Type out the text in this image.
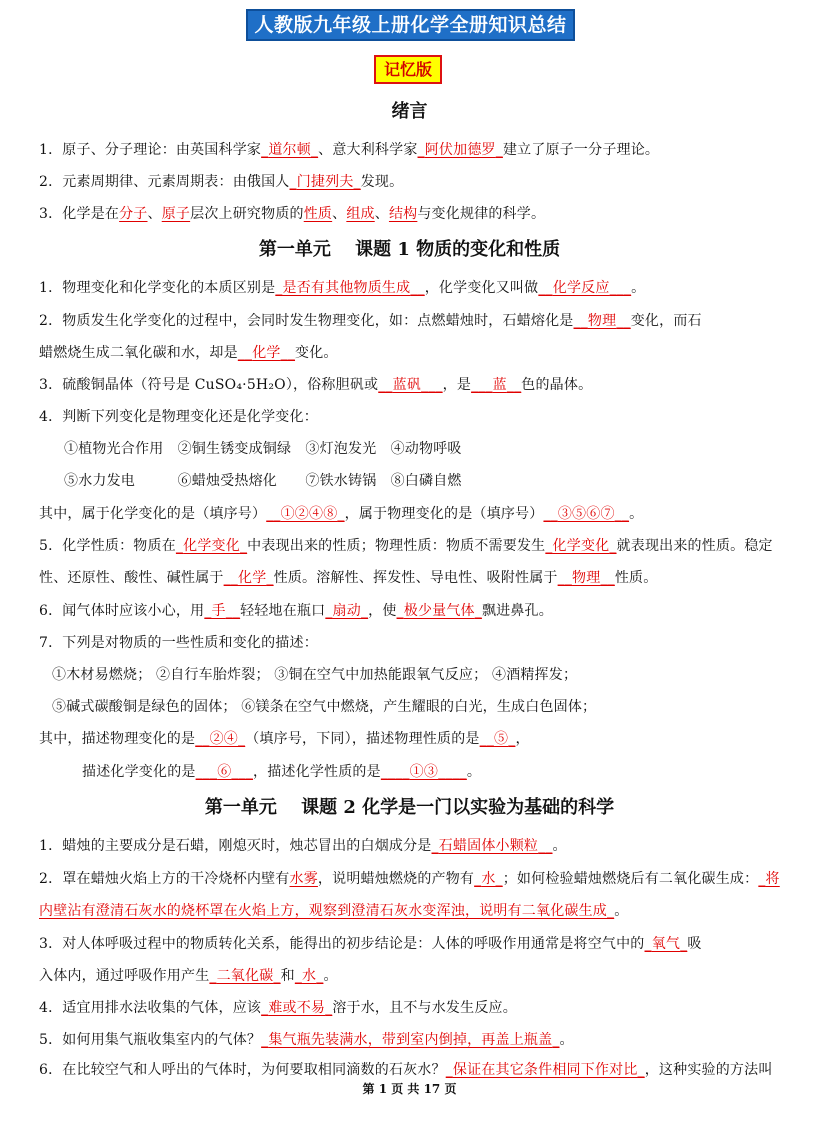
人教版九年级上册化学全册知识总结
记忆版
绪言
1．原子、分子理论：由英国科学家_道尔顿_、意大利科学家_阿伏加德罗_建立了原子一分子理论。
2．元素周期律、元素周期表：由俄国人_门捷列夫_发现。
3．化学是在分子、原子层次上研究物质的性质、组成、结构与变化规律的科学。
第一单元　 课题 1 物质的变化和性质
1．物理变化和化学变化的本质区别是_是否有其他物质生成__，化学变化又叫做__化学反应___。
2．物质发生化学变化的过程中，会同时发生物理变化，如：点燃蜡烛时，石蜡熔化是__物理__变化，而石
蜡燃烧生成二氧化碳和水，却是__化学__变化。
3．硫酸铜晶体（符号是 CuSO₄·5H₂O），俗称胆矾或__蓝矾___，是___蓝__色的晶体。
4．判断下列变化是物理变化还是化学变化：
①植物光合作用　②铜生锈变成铜绿　③灯泡发光　④动物呼吸
⑤水力发电　　　⑥蜡烛受热熔化　　⑦铁水铸锅　⑧白磷自燃
其中，属于化学变化的是（填序号）__①②④⑧_，属于物理变化的是（填序号）__③⑤⑥⑦__。
5．化学性质：物质在_化学变化_中表现出来的性质；物理性质：物质不需要发生_化学变化_就表现出来的性质。稳定
性、还原性、酸性、碱性属于__化学_性质。溶解性、挥发性、导电性、吸附性属于__物理__性质。
6．闻气体时应该小心，用_手__轻轻地在瓶口_扇动_，使_极少量气体_飘进鼻孔。
7．下列是对物质的一些性质和变化的描述：
①木材易燃烧； ②自行车胎炸裂； ③铜在空气中加热能跟氧气反应； ④酒精挥发；
⑤碱式碳酸铜是绿色的固体； ⑥镁条在空气中燃烧，产生耀眼的白光，生成白色固体；
其中，描述物理变化的是__②④_（填序号，下同），描述物理性质的是__⑤_，
描述化学变化的是___⑥___，描述化学性质的是____①③____。
第一单元　 课题 2 化学是一门以实验为基础的科学
1．蜡烛的主要成分是石蜡，刚熄灭时，烛芯冒出的白烟成分是_石蜡固体小颗粒__。
2．罩在蜡烛火焰上方的干冷烧杯内壁有水雾，说明蜡烛燃烧的产物有_水_；如何检验蜡烛燃烧后有二氧化碳生成：_将
内壁沾有澄清石灰水的烧杯罩在火焰上方，观察到澄清石灰水变浑浊，说明有二氧化碳生成_。
3．对人体呼吸过程中的物质转化关系，能得出的初步结论是：人体的呼吸作用通常是将空气中的_氧气_吸
入体内，通过呼吸作用产生_二氧化碳_和_水_。
4．适宜用排水法收集的气体，应该_难或不易_溶于水，且不与水发生反应。
5．如何用集气瓶收集室内的气体？_集气瓶先装满水，带到室内倒掉，再盖上瓶盖_。
6．在比较空气和人呼出的气体时，为何要取相同滴数的石灰水？_保证在其它条件相同下作对比_，这种实验的方法叫
第 1 页 共 17 页
